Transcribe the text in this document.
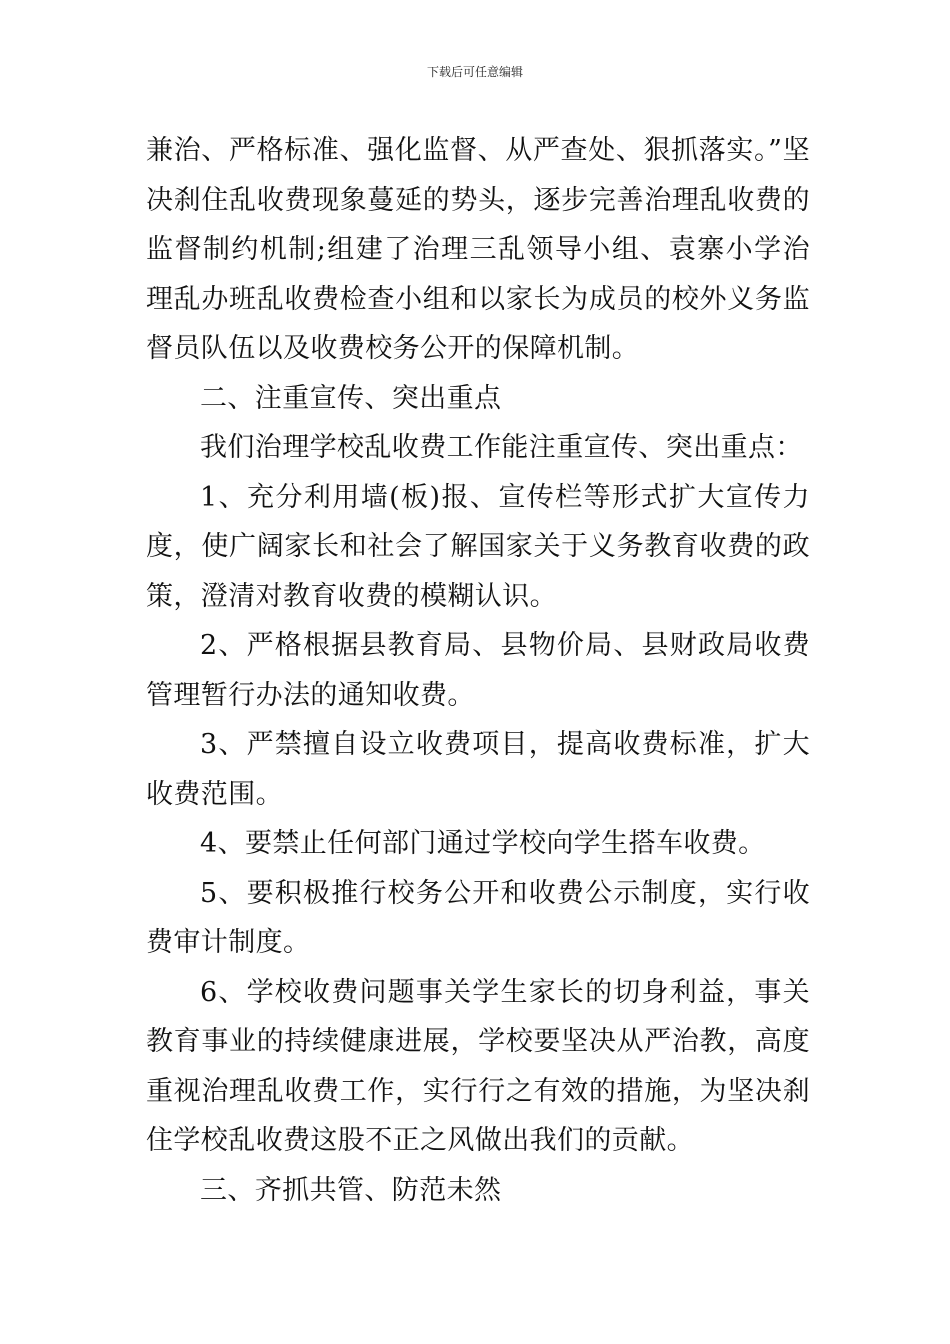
下载后可任意编辑

兼治、严格标准、强化监督、从严查处、狠抓落实。”坚决刹住乱收费现象蔓延的势头，逐步完善治理乱收费的监督制约机制;组建了治理三乱领导小组、袁寨小学治理乱办班乱收费检查小组和以家长为成员的校外义务监督员队伍以及收费校务公开的保障机制。

二、注重宣传、突出重点

我们治理学校乱收费工作能注重宣传、突出重点：

1、充分利用墙(板)报、宣传栏等形式扩大宣传力度，使广阔家长和社会了解国家关于义务教育收费的政策，澄清对教育收费的模糊认识。

2、严格根据县教育局、县物价局、县财政局收费管理暂行办法的通知收费。

3、严禁擅自设立收费项目，提高收费标准，扩大收费范围。

4、要禁止任何部门通过学校向学生搭车收费。

5、要积极推行校务公开和收费公示制度，实行收费审计制度。

6、学校收费问题事关学生家长的切身利益，事关教育事业的持续健康进展，学校要坚决从严治教，高度重视治理乱收费工作，实行行之有效的措施，为坚决刹住学校乱收费这股不正之风做出我们的贡献。

三、齐抓共管、防范未然
